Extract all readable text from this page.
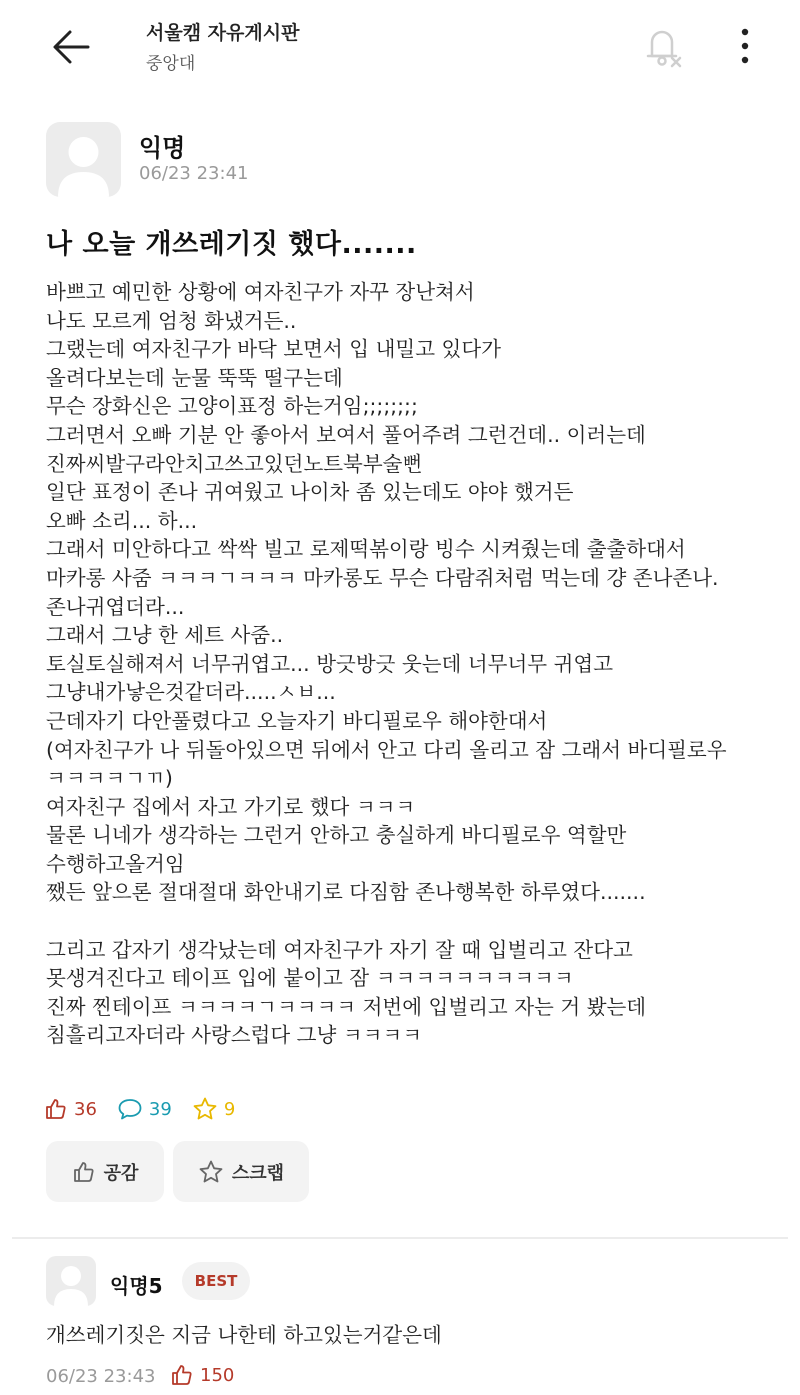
서울캠 자유게시판
중앙대
익명
06/23 23:41
나 오늘 개쓰레기짓 했다.......
바쁘고 예민한 상황에 여자친구가 자꾸 장난쳐서
나도 모르게 엄청 화냈거든..
그랬는데 여자친구가 바닥 보면서 입 내밀고 있다가
올려다보는데 눈물 뚝뚝 떨구는데
무슨 장화신은 고양이표정 하는거임;;;;;;;;
그러면서 오빠 기분 안 좋아서 보여서 풀어주려 그런건데.. 이러는데 진짜씨발구라안치고쓰고있던노트북부술뻔
일단 표정이 존나 귀여웠고 나이차 좀 있는데도 야야 했거든
오빠 소리... 하...
그래서 미안하다고 싹싹 빌고 로제떡볶이랑 빙수 시켜줬는데 출출하대서
마카롱 사줌 ㅋㅋㅋㄱㅋㅋㅋ 마카롱도 무슨 다람쥐처럼 먹는데 걍 존나존나.
존나귀엽더라...
그래서 그냥 한 세트 사줌..
토실토실해져서 너무귀엽고... 방긋방긋 웃는데 너무너무 귀엽고 그냥내가낳은것같더라.....ㅅㅂ...
근데자기 다안풀렸다고 오늘자기 바디필로우 해야한대서
(여자친구가 나 뒤돌아있으면 뒤에서 안고 다리 올리고 잠 그래서 바디필로우 ㅋㅋㅋㅋㄱㄲ)
여자친구 집에서 자고 가기로 했다 ㅋㅋㅋ
물론 니네가 생각하는 그런거 안하고 충실하게 바디필로우 역할만 수행하고올거임
쨌든 앞으론 절대절대 화안내기로 다짐함 존나행복한 하루였다.......

그리고 갑자기 생각났는데 여자친구가 자기 잘 때 입벌리고 잔다고
못생겨진다고 테이프 입에 붙이고 잠 ㅋㅋㅋㅋㅋㅋㅋㅋㅋㅋ
진짜 찐테이프 ㅋㅋㅋㅋㄱㅋㅋㅋㅋ 저번에 입벌리고 자는 거 봤는데 침흘리고자더라 사랑스럽다 그냥 ㅋㅋㅋㅋ
36	39	9
공감	스크랩
익명5	BEST
개쓰레기짓은 지금 나한테 하고있는거같은데
06/23 23:43 150
